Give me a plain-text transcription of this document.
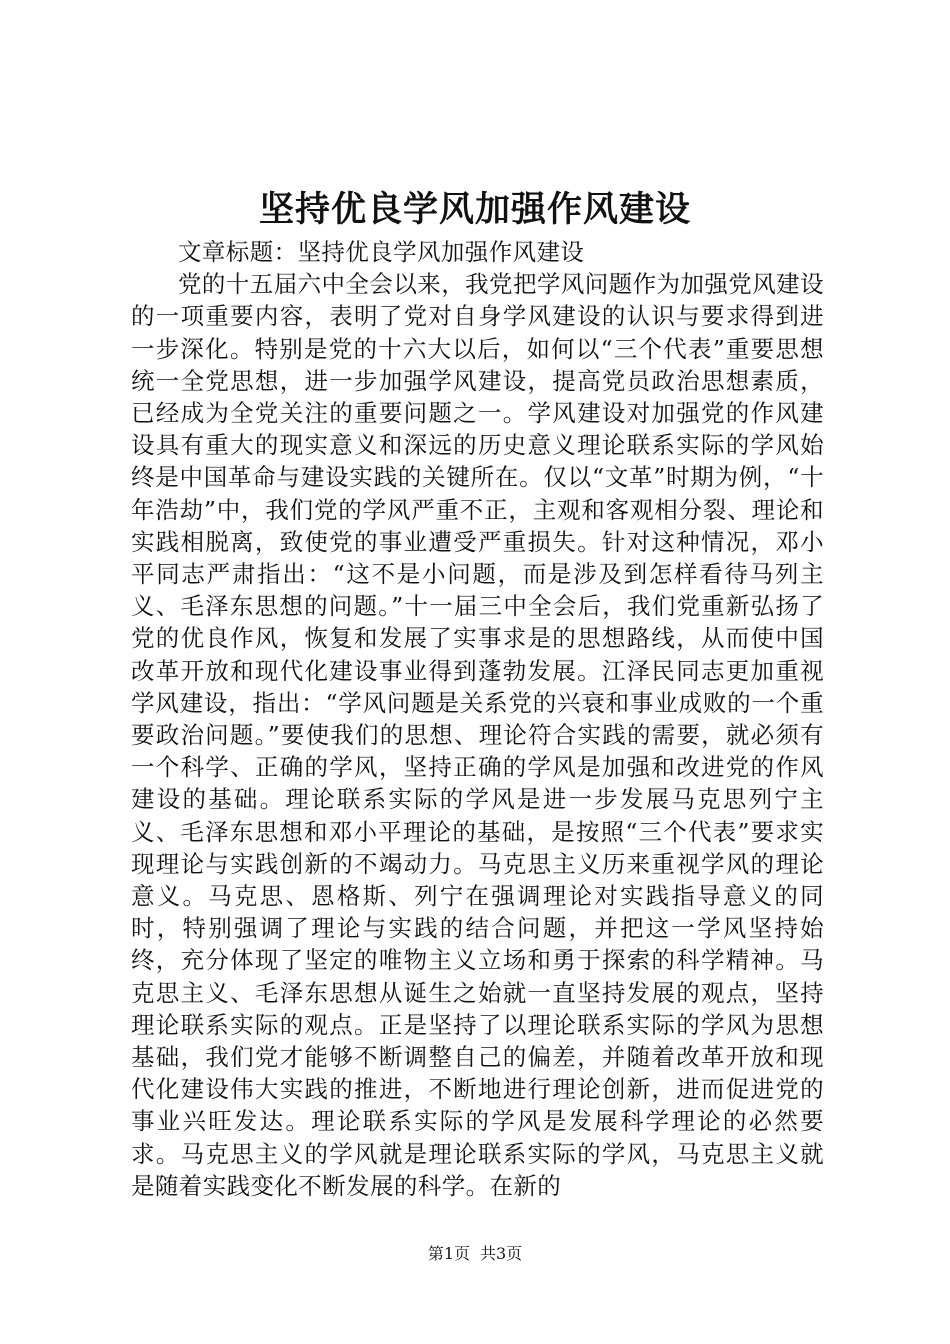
坚持优良学风加强作风建设

文章标题：坚持优良学风加强作风建设

党的十五届六中全会以来，我党把学风问题作为加强党风建设的一项重要内容，表明了党对自身学风建设的认识与要求得到进一步深化。特别是党的十六大以后，如何以“三个代表”重要思想统一全党思想，进一步加强学风建设，提高党员政治思想素质，已经成为全党关注的重要问题之一。学风建设对加强党的作风建设具有重大的现实意义和深远的历史意义理论联系实际的学风始终是中国革命与建设实践的关键所在。仅以“文革”时期为例，“十年浩劫”中，我们党的学风严重不正，主观和客观相分裂、理论和实践相脱离，致使党的事业遭受严重损失。针对这种情况，邓小平同志严肃指出：“这不是小问题，而是涉及到怎样看待马列主义、毛泽东思想的问题。”十一届三中全会后，我们党重新弘扬了党的优良作风，恢复和发展了实事求是的思想路线，从而使中国改革开放和现代化建设事业得到蓬勃发展。江泽民同志更加重视学风建设，指出：“学风问题是关系党的兴衰和事业成败的一个重要政治问题。”要使我们的思想、理论符合实践的需要，就必须有一个科学、正确的学风，坚持正确的学风是加强和改进党的作风建设的基础。理论联系实际的学风是进一步发展马克思列宁主义、毛泽东思想和邓小平理论的基础，是按照“三个代表”要求实现理论与实践创新的不竭动力。马克思主义历来重视学风的理论意义。马克思、恩格斯、列宁在强调理论对实践指导意义的同时，特别强调了理论与实践的结合问题，并把这一学风坚持始终，充分体现了坚定的唯物主义立场和勇于探索的科学精神。马克思主义、毛泽东思想从诞生之始就一直坚持发展的观点，坚持理论联系实际的观点。正是坚持了以理论联系实际的学风为思想基础，我们党才能够不断调整自己的偏差，并随着改革开放和现代化建设伟大实践的推进，不断地进行理论创新，进而促进党的事业兴旺发达。理论联系实际的学风是发展科学理论的必然要求。马克思主义的学风就是理论联系实际的学风，马克思主义就是随着实践变化不断发展的科学。在新的

第1页 共3页
